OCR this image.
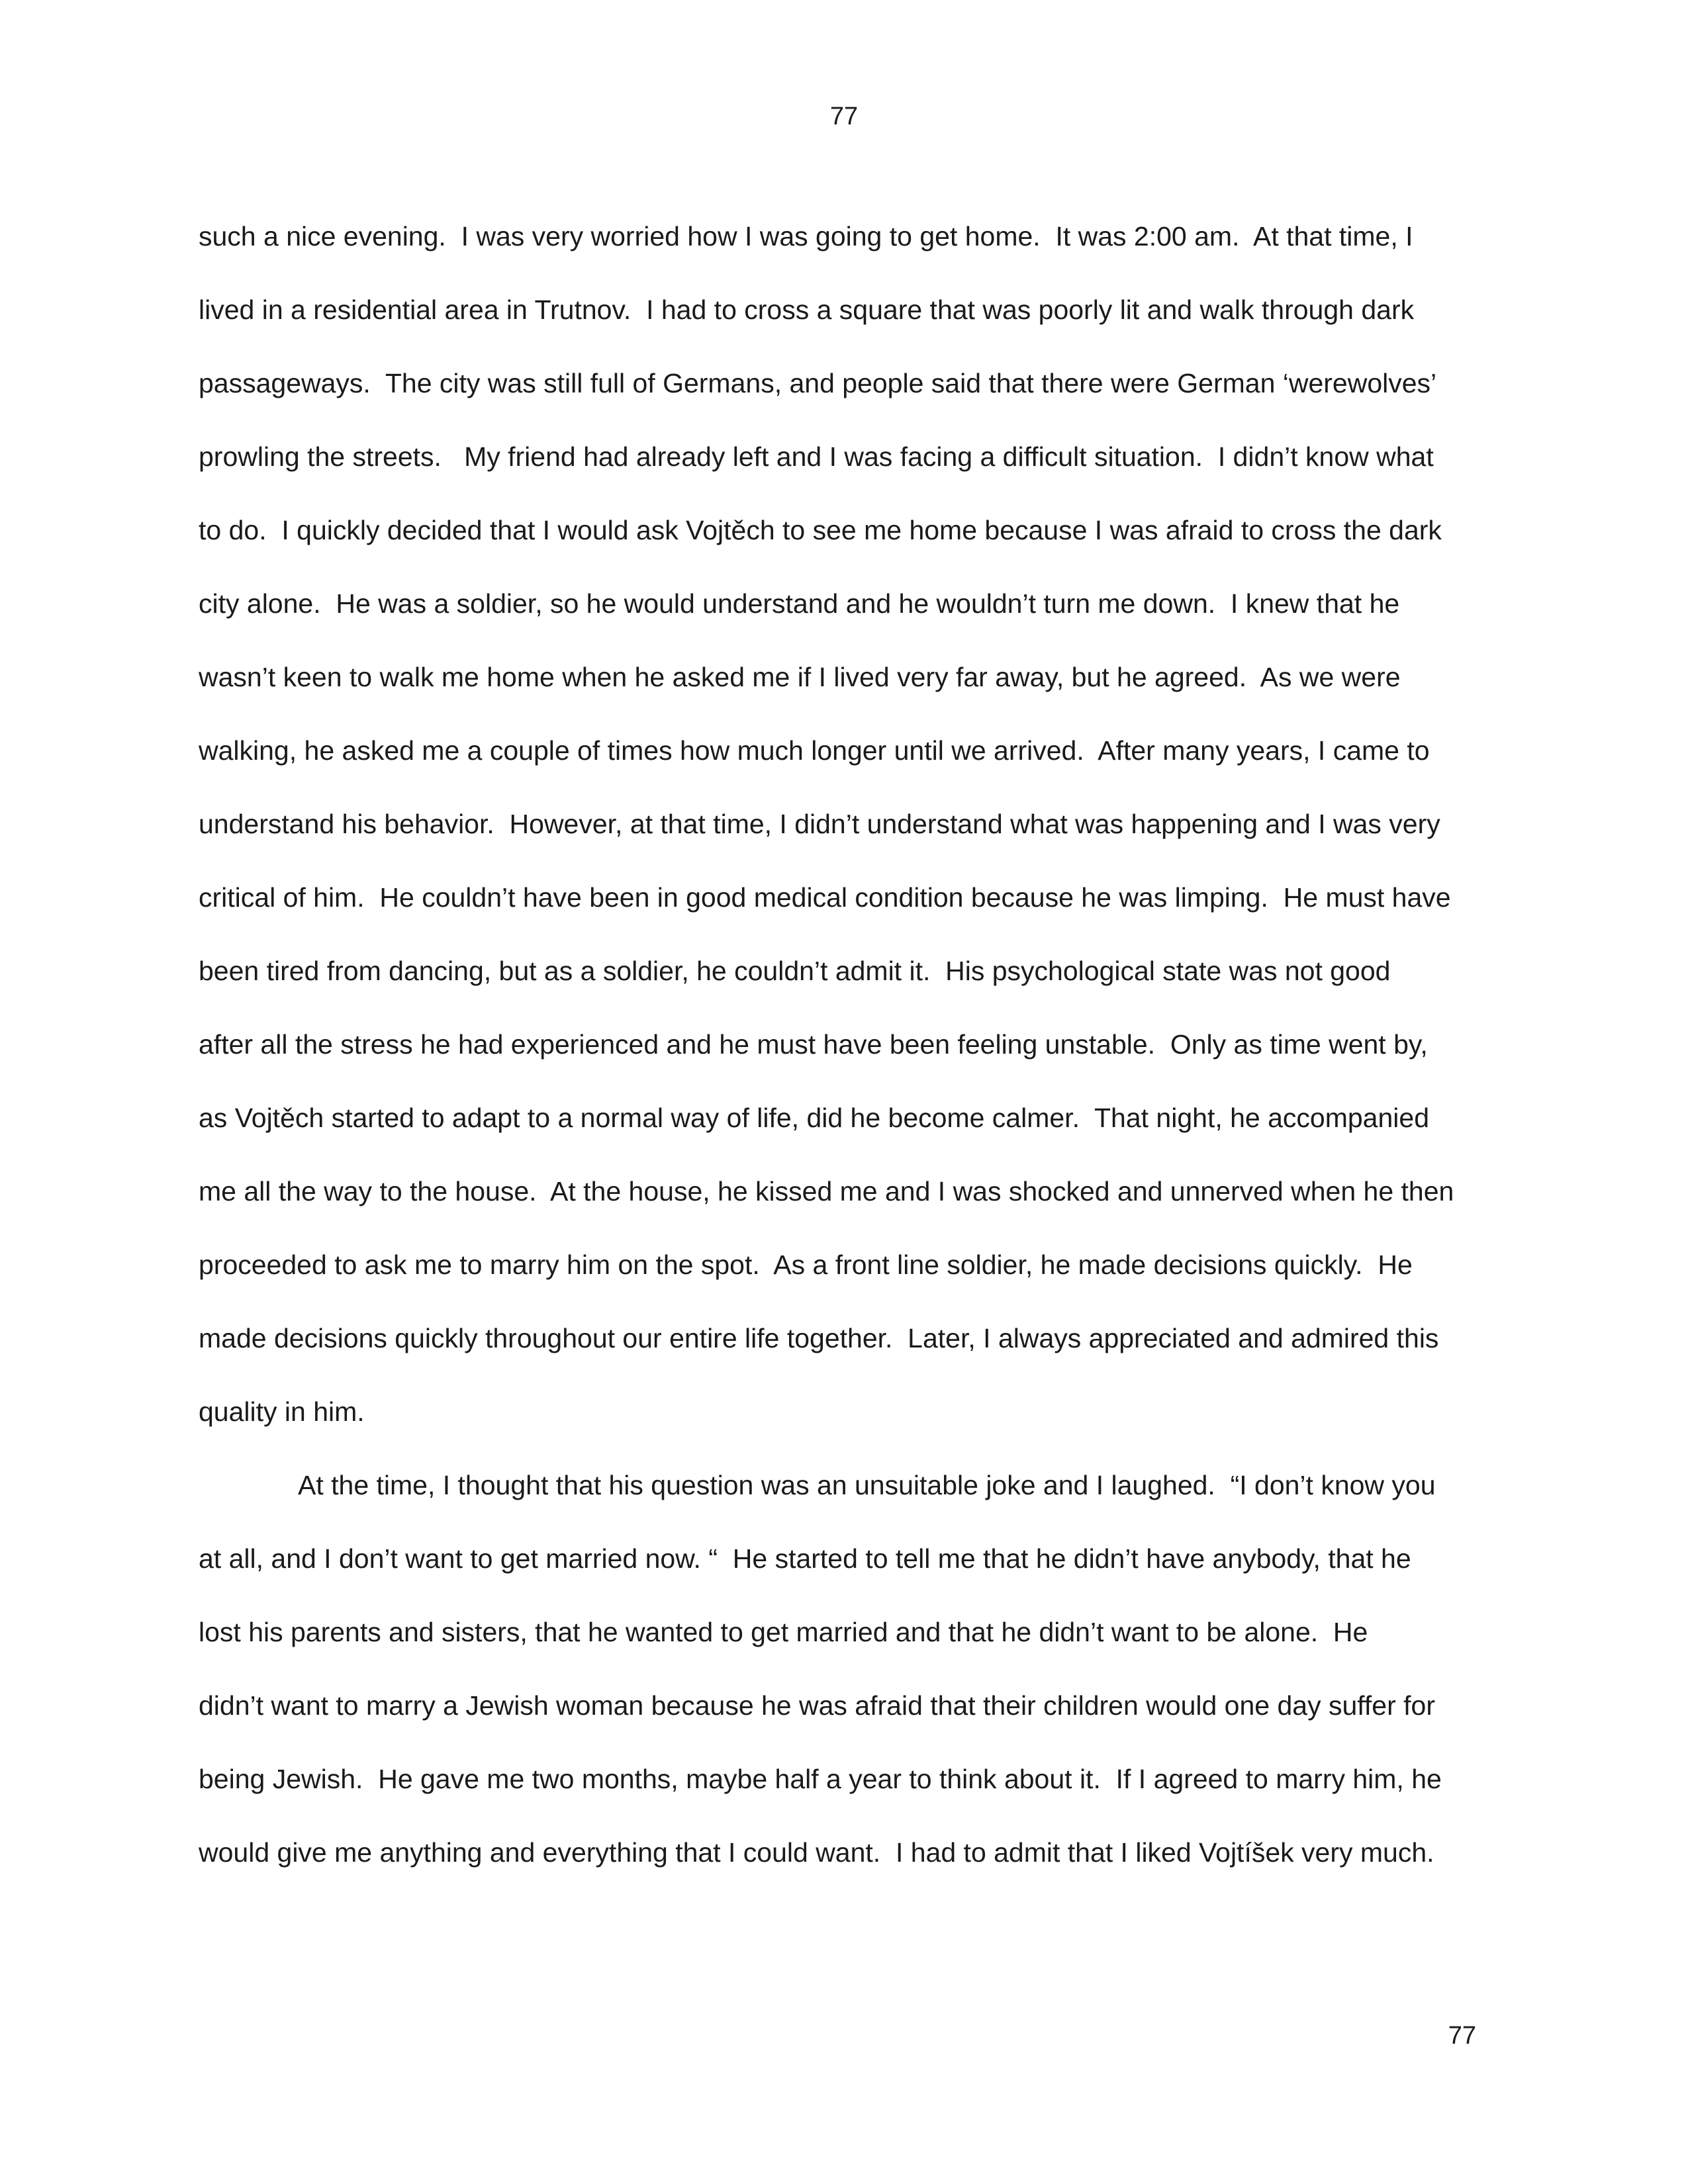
77
such a nice evening.  I was very worried how I was going to get home.  It was 2:00 am.  At that time, I
lived in a residential area in Trutnov.  I had to cross a square that was poorly lit and walk through dark
passageways.  The city was still full of Germans, and people said that there were German ‘werewolves’
prowling the streets.   My friend had already left and I was facing a difficult situation.  I didn’t know what
to do.  I quickly decided that I would ask Vojtěch to see me home because I was afraid to cross the dark
city alone.  He was a soldier, so he would understand and he wouldn’t turn me down.  I knew that he
wasn’t keen to walk me home when he asked me if I lived very far away, but he agreed.  As we were
walking, he asked me a couple of times how much longer until we arrived.  After many years, I came to
understand his behavior.  However, at that time, I didn’t understand what was happening and I was very
critical of him.  He couldn’t have been in good medical condition because he was limping.  He must have
been tired from dancing, but as a soldier, he couldn’t admit it.  His psychological state was not good
after all the stress he had experienced and he must have been feeling unstable.  Only as time went by,
as Vojtěch started to adapt to a normal way of life, did he become calmer.  That night, he accompanied
me all the way to the house.  At the house, he kissed me and I was shocked and unnerved when he then
proceeded to ask me to marry him on the spot.  As a front line soldier, he made decisions quickly.  He
made decisions quickly throughout our entire life together.  Later, I always appreciated and admired this
quality in him.
At the time, I thought that his question was an unsuitable joke and I laughed.  “I don’t know you
at all, and I don’t want to get married now. “  He started to tell me that he didn’t have anybody, that he
lost his parents and sisters, that he wanted to get married and that he didn’t want to be alone.  He
didn’t want to marry a Jewish woman because he was afraid that their children would one day suffer for
being Jewish.  He gave me two months, maybe half a year to think about it.  If I agreed to marry him, he
would give me anything and everything that I could want.  I had to admit that I liked Vojtíšek very much.
77
